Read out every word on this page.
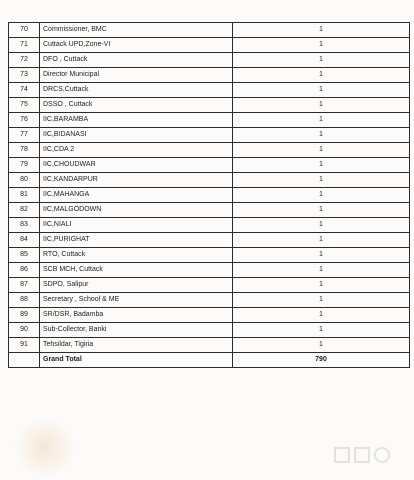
70	Commissioner, BMC	1
71	Cuttack UPD,Zone-VI	1
72	DFO , Cuttack	1
73	Director Municipal	1
74	DRCS,Cuttack	1
75	DSSO , Cuttack	1
76	IIC,BARAMBA	1
77	IIC,BIDANASI	1
78	IIC,CDA 2	1
79	IIC,CHOUDWAR	1
80	IIC,KANDARPUR	1
81	IIC,MAHANGA	1
82	IIC,MALGODOWN	1
83	IIC,NIALI	1
84	IIC,PURIGHAT	1
85	RTO, Cuttack	1
86	SCB MCH, Cuttack	1
87	SDPO, Salipur	1
88	Secretary , School & ME	1
89	SR/DSR, Badamba	1
90	Sub-Collector, Banki	1
91	Tehsildar, Tigiria	1
	Grand Total	790
